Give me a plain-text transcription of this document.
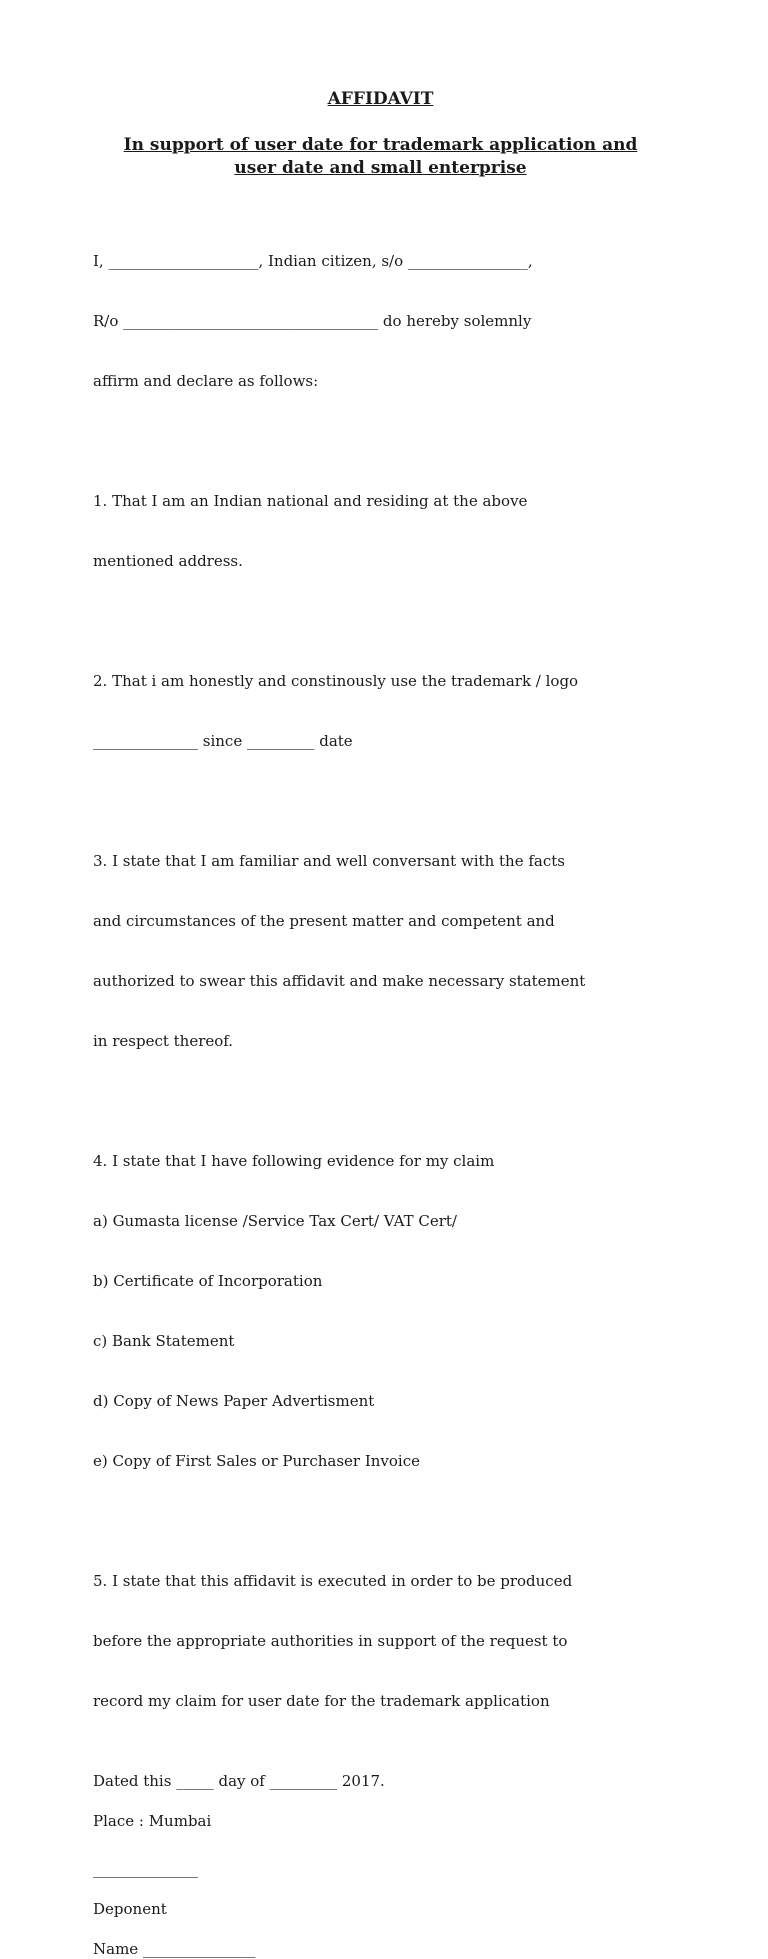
AFFIDAVIT
In support of user date for trademark application and
user date and small enterprise

I, ____________________, Indian citizen, s/o ________________,

R/o __________________________________ do hereby solemnly

affirm and declare as follows:

1. That I am an Indian national and residing at the above

mentioned address.

2. That i am honestly and constinously use the trademark / logo

______________ since _________ date

3. I state that I am familiar and well conversant with the facts

and circumstances of the present matter and competent and

authorized to swear this affidavit and make necessary statement

in respect thereof.

4. I state that I have following evidence for my claim

a) Gumasta license /Service Tax Cert/ VAT Cert/

b) Certificate of Incorporation

c) Bank Statement

d) Copy of News Paper Advertisment

e) Copy of First Sales or Purchaser Invoice

5. I state that this affidavit is executed in order to be produced

before the appropriate authorities in support of the request to

record my claim for user date for the trademark application

Dated this _____ day of _________ 2017.
Place : Mumbai
______________
Deponent
Name _______________
